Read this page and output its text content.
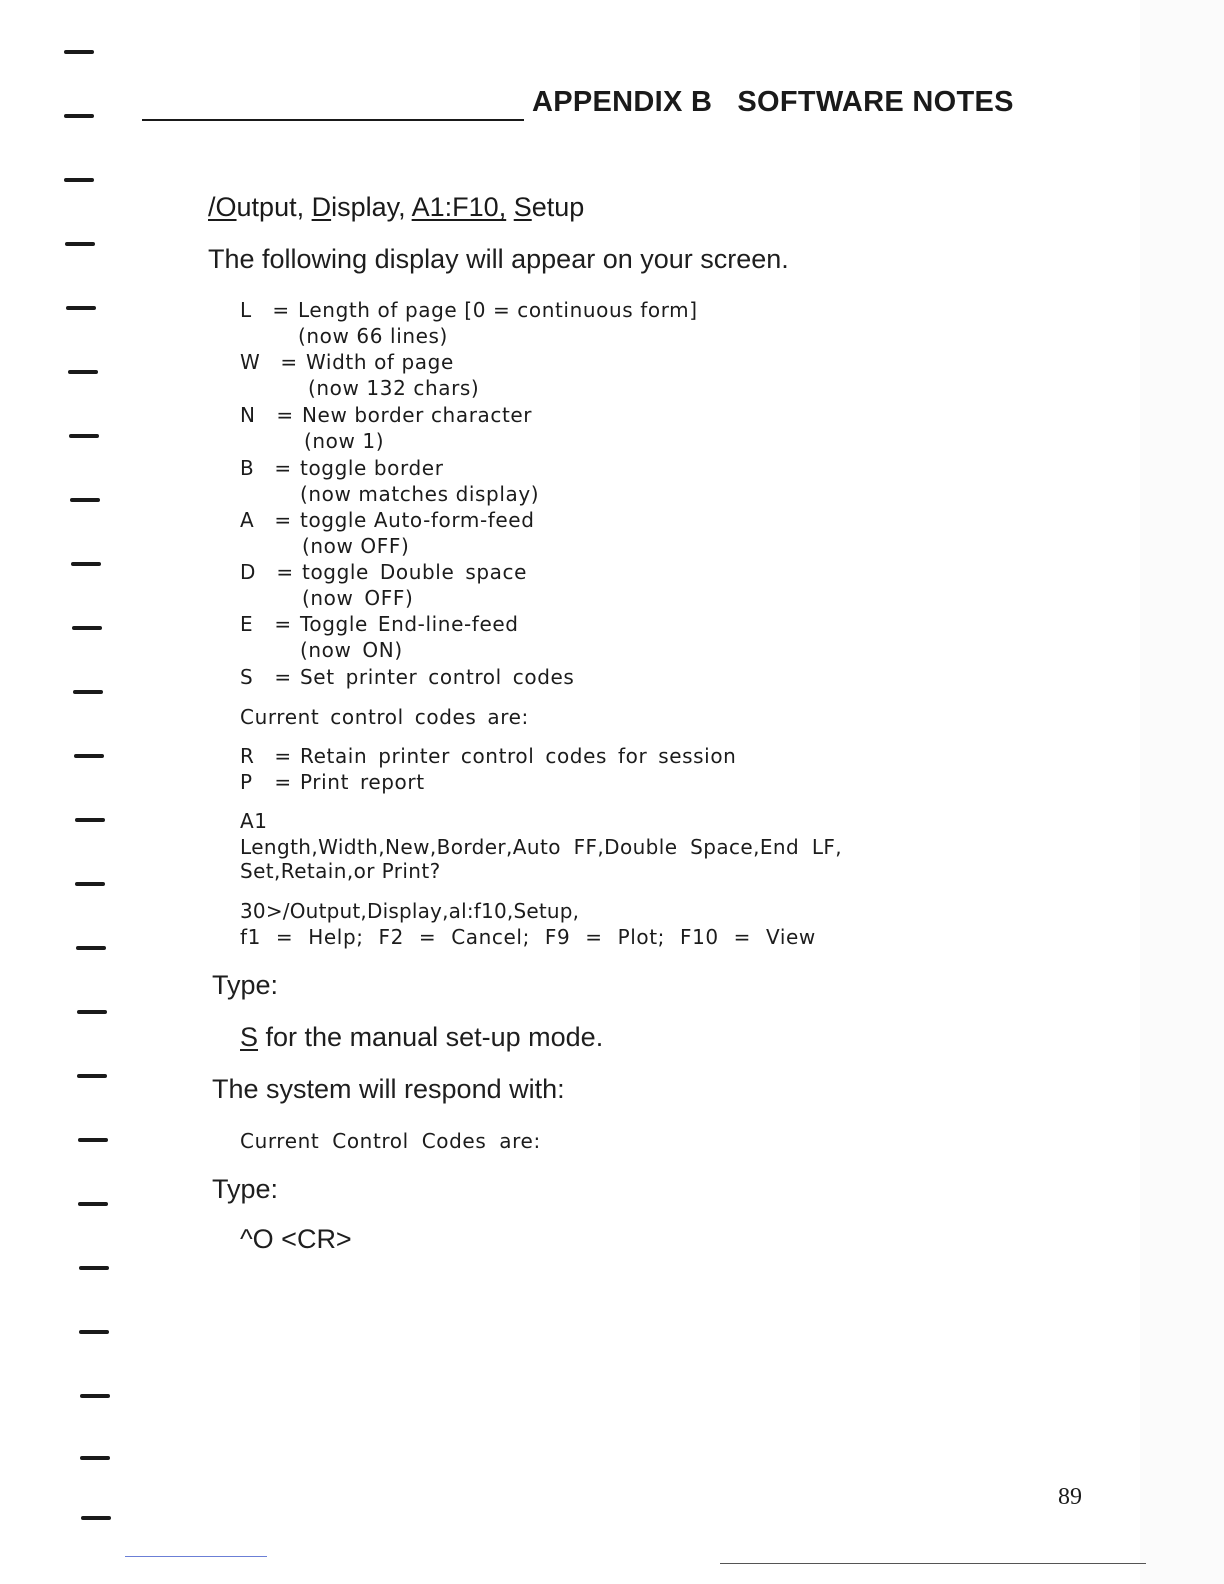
APPENDIX B   SOFTWARE NOTES
/Output, Display, A1:F10, Setup
The following display will appear on your screen.
L = Length of page [0 = continuous form]
(now 66 lines)
W = Width of page
(now 132 chars)
N = New border character
(now 1)
B = toggle border
(now matches display)
A = toggle Auto-form-feed
(now OFF)
D = toggle Double space
(now OFF)
E = Toggle End-line-feed
(now ON)
S = Set printer control codes
Current control codes are:
R = Retain printer control codes for session
P = Print report
A1
Length,Width,New,Border,Auto FF,Double Space,End LF,
Set,Retain,or Print?
30>/Output,Display,al:f10,Setup,
f1 = Help; F2 = Cancel; F9 = Plot; F10 = View
Type:
S for the manual set-up mode.
The system will respond with:
Current Control Codes are:
Type:
^O <CR>
89
